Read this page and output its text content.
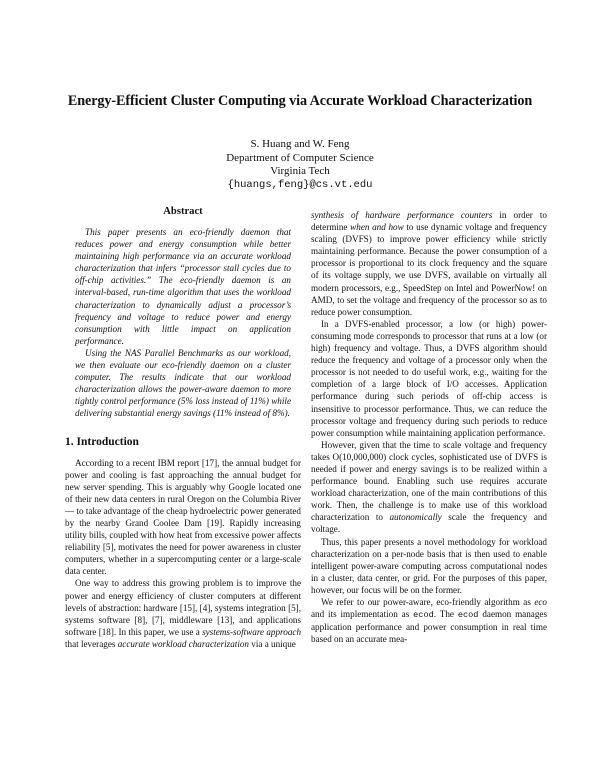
Energy-Efficient Cluster Computing via Accurate Workload Characterization
S. Huang and W. Feng
Department of Computer Science
Virginia Tech
{huangs,feng}@cs.vt.edu
Abstract

This paper presents an eco-friendly daemon that reduces power and energy consumption while better maintaining high performance via an accurate workload characterization that infers “processor stall cycles due to off-chip activities.” The eco-friendly daemon is an interval-based, run-time algorithm that uses the workload characterization to dynamically adjust a processor’s frequency and voltage to reduce power and energy consumption with little impact on application performance.

Using the NAS Parallel Benchmarks as our workload, we then evaluate our eco-friendly daemon on a cluster computer. The results indicate that our workload characterization allows the power-aware daemon to more tightly control performance (5% loss instead of 11%) while delivering substantial energy savings (11% instead of 8%).

1. Introduction

According to a recent IBM report [17], the annual budget for power and cooling is fast approaching the annual budget for new server spending. This is arguably why Google located one of their new data centers in rural Oregon on the Columbia River — to take advantage of the cheap hydroelectric power generated by the nearby Grand Coolee Dam [19]. Rapidly increasing utility bills, coupled with how heat from excessive power affects reliability [5], motivates the need for power awareness in cluster computers, whether in a supercomputing center or a large-scale data center.

One way to address this growing problem is to improve the power and energy efficiency of cluster computers at different levels of abstraction: hardware [15], [4], systems integration [5], systems software [8], [7], middleware [13], and applications software [18]. In this paper, we use a systems-software approach that leverages accurate workload characterization via a unique

synthesis of hardware performance counters in order to determine when and how to use dynamic voltage and frequency scaling (DVFS) to improve power efficiency while strictly maintaining performance. Because the power consumption of a processor is proportional to its clock frequency and the square of its voltage supply, we use DVFS, available on virtually all modern processors, e.g., SpeedStep on Intel and PowerNow! on AMD, to set the voltage and frequency of the processor so as to reduce power consumption.

In a DVFS-enabled processor, a low (or high) power-consuming mode corresponds to processor that runs at a low (or high) frequency and voltage. Thus, a DVFS algorithm should reduce the frequency and voltage of a processor only when the processor is not needed to do useful work, e.g., waiting for the completion of a large block of I/O accesses. Application performance during such periods of off-chip access is insensitive to processor performance. Thus, we can reduce the processor voltage and frequency during such periods to reduce power consumption while maintaining application performance.

However, given that the time to scale voltage and frequency takes O(10,000,000) clock cycles, sophisticated use of DVFS is needed if power and energy savings is to be realized within a performance bound. Enabling such use requires accurate workload characterization, one of the main contributions of this work. Then, the challenge is to make use of this workload characterization to autonomically scale the frequency and voltage.

Thus, this paper presents a novel methodology for workload characterization on a per-node basis that is then used to enable intelligent power-aware computing across computational nodes in a cluster, data center, or grid. For the purposes of this paper, however, our focus will be on the former.

We refer to our power-aware, eco-friendly algorithm as eco and its implementation as ecod. The ecod daemon manages application performance and power consumption in real time based on an accurate mea-
